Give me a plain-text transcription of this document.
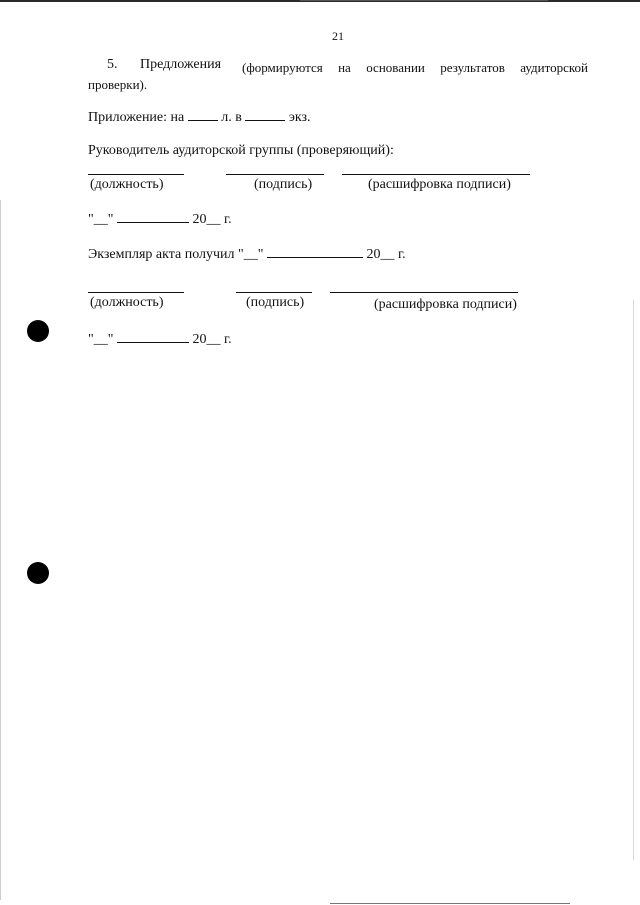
21
5. Предложения (формируются на основании результатов аудиторской
проверки).
Приложение: на	л. в	экз.
Руководитель аудиторской группы (проверяющий):
(должность)	(подпись)	(расшифровка подписи)
"__"	20__ г.
Экземпляр акта получил "__"	20__ г.
(должность)	(подпись)	(расшифровка подписи)
"__"	20__ г.
